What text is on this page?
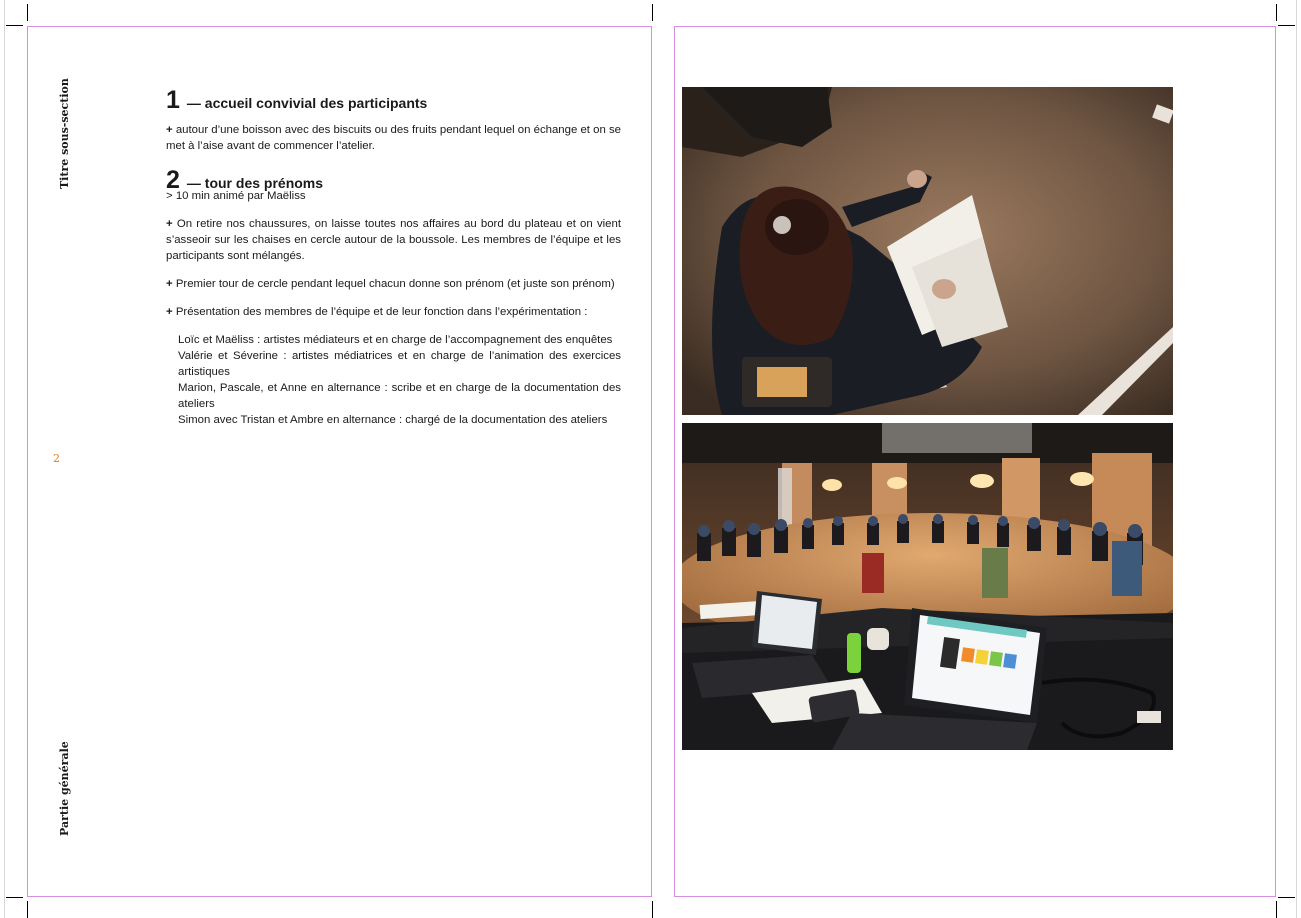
Titre sous-section
Partie générale
2
1 — accueil convivial des participants

+ autour d’une boisson avec des biscuits ou des fruits pendant lequel on échange et on se met à l’aise avant de commencer l’atelier.

2 — tour des prénoms
> 10 min animé par Maëliss

+ On retire nos chaussures, on laisse toutes nos affaires au bord du plateau et on vient s’asseoir sur les chaises en cercle autour de la boussole. Les membres de l’équipe et les participants sont mélangés.

+ Premier tour de cercle pendant lequel chacun donne son prénom (et juste son prénom)

+ Présentation des membres de l’équipe et de leur fonction dans l’expérimentation :

Loïc et Maëliss : artistes médiateurs et en charge de l’accompagnement des enquêtes

Valérie et Séverine : artistes médiatrices et en charge de l’animation des exercices artistiques

Marion, Pascale, et Anne en alternance : scribe et en charge de la documentation des ateliers

Simon avec Tristan et Ambre en alternance : chargé de la documentation des ateliers
